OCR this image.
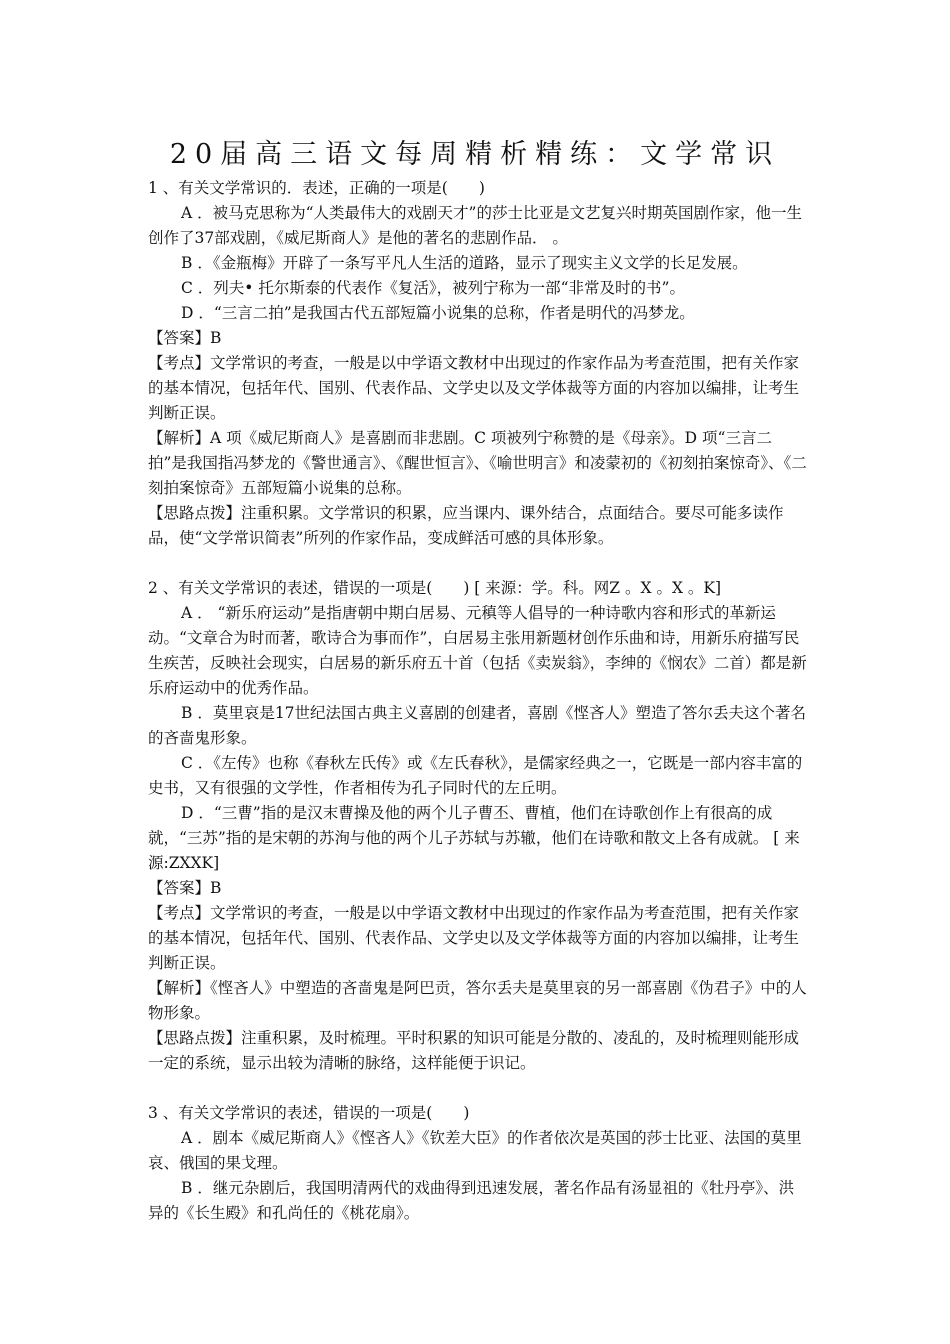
20届高三语文每周精析精练：文学常识

1 、有关文学常识的．表述，正确的一项是(　　)

A ．被马克思称为“人类最伟大的戏剧天才”的莎士比亚是文艺复兴时期英国剧作家，他一生创作了37部戏剧，《威尼斯商人》是他的著名的悲剧作品． 。

B ．《金瓶梅》开辟了一条写平凡人生活的道路，显示了现实主义文学的长足发展。

C ．列夫• 托尔斯泰的代表作《复活》，被列宁称为一部“非常及时的书”。

D ．“三言二拍”是我国古代五部短篇小说集的总称，作者是明代的冯梦龙。

【答案】B

【考点】文学常识的考查，一般是以中学语文教材中出现过的作家作品为考查范围，把有关作家的基本情况，包括年代、国别、代表作品、文学史以及文学体裁等方面的内容加以编排，让考生判断正误。

【解析】A 项《威尼斯商人》是喜剧而非悲剧。C 项被列宁称赞的是《母亲》。D 项“三言二拍”是我国指冯梦龙的《警世通言》、《醒世恒言》、《喻世明言》和凌蒙初的《初刻拍案惊奇》、《二刻拍案惊奇》五部短篇小说集的总称。

【思路点拨】注重积累。文学常识的积累，应当课内、课外结合，点面结合。要尽可能多读作品，使“文学常识简表”所列的作家作品，变成鲜活可感的具体形象。

2 、有关文学常识的表述，错误的一项是(　　) [ 来源：学。科。网Z 。X 。X 。K]

A ． “新乐府运动”是指唐朝中期白居易、元稹等人倡导的一种诗歌内容和形式的革新运动。“文章合为时而著，歌诗合为事而作”，白居易主张用新题材创作乐曲和诗，用新乐府描写民生疾苦，反映社会现实，白居易的新乐府五十首（包括《卖炭翁》，李绅的《悯农》二首）都是新乐府运动中的优秀作品。

B ．莫里哀是17世纪法国古典主义喜剧的创建者，喜剧《悭吝人》塑造了答尔丢夫这个著名的吝啬鬼形象。

C ．《左传》也称《春秋左氏传》或《左氏春秋》，是儒家经典之一，它既是一部内容丰富的史书，又有很强的文学性，作者相传为孔子同时代的左丘明。

D ．“三曹”指的是汉末曹操及他的两个儿子曹丕、曹植，他们在诗歌创作上有很高的成就，“三苏”指的是宋朝的苏洵与他的两个儿子苏轼与苏辙，他们在诗歌和散文上各有成就。 [ 来源:ZXXK]

【答案】B

【考点】文学常识的考查，一般是以中学语文教材中出现过的作家作品为考查范围，把有关作家的基本情况，包括年代、国别、代表作品、文学史以及文学体裁等方面的内容加以编排，让考生判断正误。

【解析】《悭吝人》中塑造的吝啬鬼是阿巴贡，答尔丢夫是莫里哀的另一部喜剧《伪君子》中的人物形象。

【思路点拨】注重积累，及时梳理。平时积累的知识可能是分散的、凌乱的，及时梳理则能形成一定的系统，显示出较为清晰的脉络，这样能便于识记。

3 、有关文学常识的表述，错误的一项是(　　)

A ．剧本《威尼斯商人》《悭吝人》《钦差大臣》的作者依次是英国的莎士比亚、法国的莫里哀、俄国的果戈理。

B ．继元杂剧后，我国明清两代的戏曲得到迅速发展，著名作品有汤显祖的《牡丹亭》、洪异的《长生殿》和孔尚任的《桃花扇》。
